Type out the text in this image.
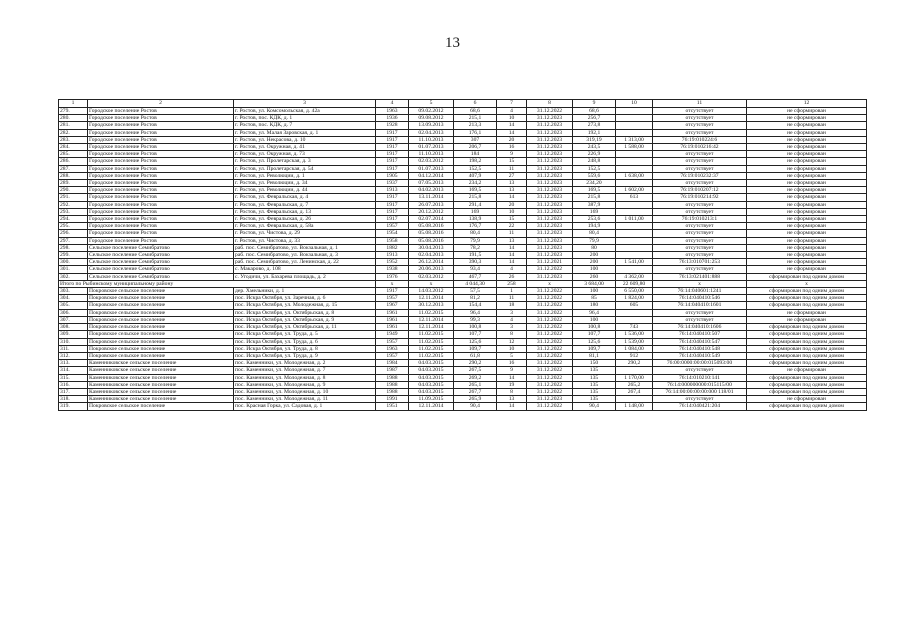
13
1	2	3	4	5	6	7	8	9	10	11	12
279.	Городское поселение Ростов	г. Ростов, ул. Комсомольская, д. 42а	1963	09.02.2012	68,6	4	31.12.2022	68,6		отсутствует	не сформирован
280.	Городское поселение Ростов	г. Ростов, пос. КДК, д. 1	1936	09.08.2012	215,1	10	31.12.2023	256,7		отсутствует	не сформирован
281.	Городское поселение Ростов	г. Ростов, пос. КДК, д. 7	1928	13.09.2013	213,3	14	31.12.2023	273,8		отсутствует	не сформирован
282.	Городское поселение Ростов	г. Ростов, ул. Малая Заровская, д. 1	1917	02.04.2013	176,1	14	31.12.2023	192,1		отсутствует	не сформирован
283.	Городское поселение Ростов	г. Ростов, ул. Некрасова, д. 10	1917	11.10.2013	307	20	31.12.2023	319,19	1 313,00	76:19:010224:6	не сформирован
284.	Городское поселение Ростов	г. Ростов, ул. Окружная, д. 41	1917	01.07.2013	206,7	16	31.12.2023	243,5	1 588,00	76:19:010216:42	не сформирован
285.	Городское поселение Ростов	г. Ростов, ул. Окружная, д. 73	1917	11.10.2013	184	9	31.12.2023	226,9		отсутствует	не сформирован
286.	Городское поселение Ростов	г. Ростов, ул. Пролетарская, д. 3	1917	02.03.2012	198,2	15	31.12.2023	248,8		отсутствует	не сформирован
287.	Городское поселение Ростов	г. Ростов, ул. Пролетарская, д. 54	1917	01.07.2013	152,5	11	31.12.2023	152,5		отсутствует	не сформирован
288.	Городское поселение Ростов	г. Ростов, ул. Революции, д. 1	1905	04.12.2014	407,9	27	31.12.2023	559,6	1 638,00	76:19:010232:37	не сформирован
289.	Городское поселение Ростов	г. Ростов, ул. Революции, д. 34	1937	07.05.2013	234,2	13	31.12.2023	234,20		отсутствует	не сформирован
290.	Городское поселение Ростов	г. Ростов, ул. Революции, д. 44	1913	04.02.2013	169,5	13	31.12.2023	169,5	1 602,00	76:19:010207:12	не сформирован
291.	Городское поселение Ростов	г. Ростов, ул. Февральская, д. 4	1917	13.11.2014	215,8	14	31.12.2023	215,8	613	76:19:010214:92	не сформирован
292.	Городское поселение Ростов	г. Ростов, ул. Февральская, д. 7	1917	26.07.2013	291,4	20	31.12.2023	387,9		отсутствует	не сформирован
293.	Городское поселение Ростов	г. Ростов, ул. Февральская, д. 13	1917	20.12.2012	169	10	31.12.2023	169		отсутствует	не сформирован
294.	Городское поселение Ростов	г. Ростов, ул. Февральская, д. 26	1917	02.07.2014	138,9	15	31.12.2023	253,6	1 011,00	76:19:010213:1	не сформирован
295.	Городское поселение Ростов	г. Ростов, ул. Февральская, д. 58а	1957	05.08.2016	176,7	22	31.12.2023	194,9		отсутствует	не сформирован
296.	Городское поселение Ростов	г. Ростов, ул. Чистова, д. 29	1954	05.08.2016	80,4	11	31.12.2023	80,4		отсутствует	не сформирован
297.	Городское поселение Ростов	г. Ростов, ул. Чистова, д. 33	1958	05.08.2016	79,9	13	31.12.2023	79,9		отсутствует	не сформирован
298.	Сельское поселение Семибратово	раб. пос. Семибратово, ул. Вокзальная, д. 1	1882	30.04.2013	78,2	14	31.12.2023	80		отсутствует	не сформирован
299.	Сельское поселение Семибратово	раб. пос. Семибратово, ул. Вокзальная, д. 3	1913	02.04.2013	191,5	14	31.12.2023	200		отсутствует	не сформирован
300.	Сельское поселение Семибратово	раб. пос. Семибратово, ул. Ленинская, д. 22	1952	26.12.2014	390,3	14	31.12.2021	200	1 541,00	76:13:010701:253	не сформирован
301.	Сельское поселение Семибратово	с. Макарово, д. 108	1938	20.06.2013	93,4	4	31.12.2022	100		отсутствует	не сформирован
302.	Сельское поселение Семибратово	с. Угодичи, ул. Бахарева площадь, д. 2	1976	02.03.2012	467,7	26	31.12.2023	260	4 362,00	76:13:021401:888	сформирован под одним домом
Итого по Рыбинскому муниципальному району			x	x	4 044,30	258	x	3 684,00	22 609,80	x	x
303.	Покровское сельское поселение	дер. Хмельники, д. 1	1917	14.03.2012	57,5	1	31.12.2022	100	6 550,00	76:14:040601:1241	сформирован под одним домом
304.	Покровское сельское поселение	пос. Искра Октября, ул. Заречная, д. 6	1957	12.11.2014	81,2	11	31.12.2022	85	1 824,00	76:14:040410:546	сформирован под одним домом
305.	Покровское сельское поселение	пос. Искра Октября, ул. Молодежная, д. 15	1967	30.12.2013	154,4	18	31.12.2022	180	605	76:14:040410:1601	сформирован под одним домом
306.	Покровское сельское поселение	пос. Искра Октября, ул. Октябрьская, д. 8	1961	11.02.2015	96,4	3	31.12.2022	96,4		отсутствует	не сформирован
307.	Покровское сельское поселение	пос. Искра Октября, ул. Октябрьская, д. 9	1961	12.11.2014	99,3	4	31.12.2022	100		отсутствует	не сформирован
308.	Покровское сельское поселение	пос. Искра Октября, ул. Октябрьская, д. 11	1961	12.11.2014	100,8	3	31.12.2022	100,8	743	76:14:040410:1606	сформирован под одним домом
309.	Покровское сельское поселение	пос. Искра Октября, ул. Труда, д. 5	1949	11.02.2015	107,7	8	31.12.2022	107,7	1 536,00	76:14:040410:507	сформирован под одним домом
310.	Покровское сельское поселение	пос. Искра Октября, ул. Труда, д. 6	1957	11.02.2015	125,6	12	31.12.2022	125,6	1 539,00	76:14:040410:547	сформирован под одним домом
311.	Покровское сельское поселение	пос. Искра Октября, ул. Труда, д. 8	1963	11.02.2015	109,7	10	31.12.2022	109,7	1 084,00	76:14:040410:548	сформирован под одним домом
312.	Покровское сельское поселение	пос. Искра Октября, ул. Труда, д. 9	1957	11.02.2015	61,8	5	31.12.2022	81,1	912	76:14:040410:549	сформирован под одним домом
313.	Каменниковское сельское поселение	пос. Каменники, ул. Молодежная, д. 2	1984	04.03.2015	290,2	16	31.12.2022	150	290,2	76:00:0000:00:00:015093:00	сформирован под одним домом
314.	Каменниковское сельское поселение	пос. Каменники, ул. Молодежная, д. 7	1987	04.03.2015	267,5	9	31.12.2022	135		отсутствует	не сформирован
315.	Каменниковское сельское поселение	пос. Каменники, ул. Молодежная, д. 8	1988	04.03.2015	269,2	14	31.12.2022	135	1 170,00	76:14:010210:141	сформирован под одним домом
316.	Каменниковское сельское поселение	пос. Каменники, ул. Молодежная, д. 9	1988	04.03.2015	265,1	19	31.12.2022	135	265,2	76:14:000000000:015115/00	сформирован под одним домом
317.	Каменниковское сельское поселение	пос. Каменники, ул. Молодежная, д. 10	1988	04.03.2015	267,7	8	31.12.2022	135	267,4	76:14:00:00:00:00:000 118/01	сформирован под одним домом
318.	Каменниковское сельское поселение	пос. Каменники, ул. Молодежная, д. 11	1991	11.09.2015	265,9	13	31.12.2023	135		отсутствует	не сформирован
319.	Покровское сельское поселение	пос. Красная Горка, ул. Садовая, д. 1	1951	12.11.2014	90,4	14	31.12.2022	90,4	1 148,00	76:14:040421:204	сформирован под одним домом
